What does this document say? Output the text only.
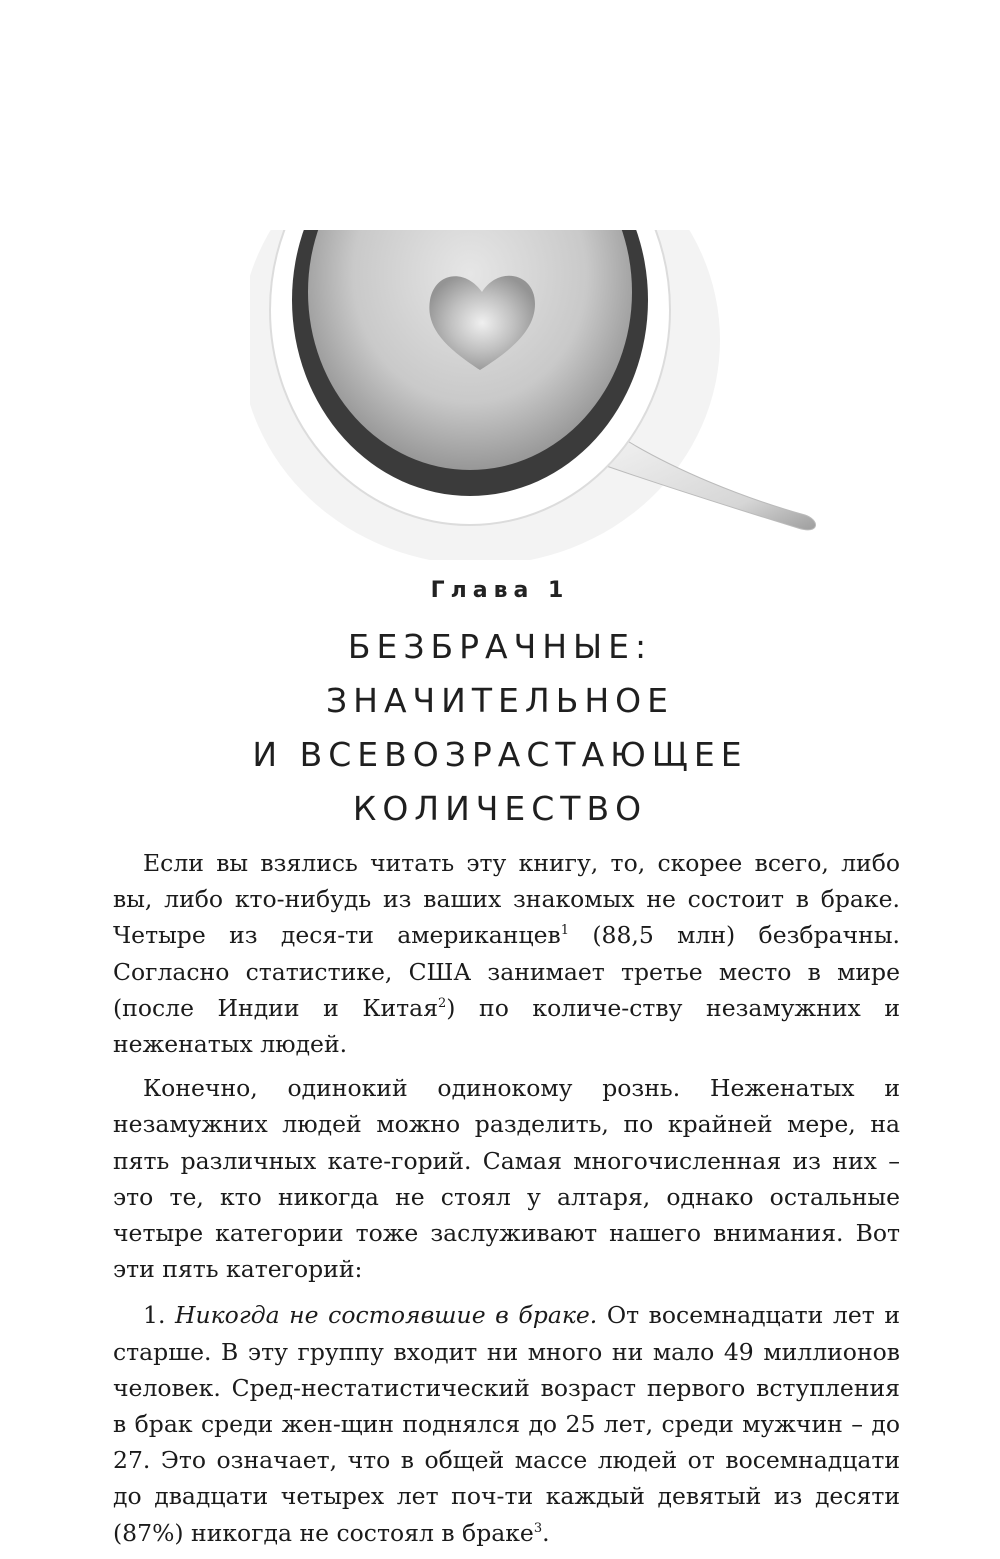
Глава 1
БЕЗБРАЧНЫЕ:
ЗНАЧИТЕЛЬНОЕ
И ВСЕВОЗРАСТАЮЩЕЕ
КОЛИЧЕСТВО

Если вы взялись читать эту книгу, то, скорее всего, либо вы, либо кто-нибудь из ваших знакомых не состоит в браке. Четыре из деся-ти американцев$^1$ (88,5 млн) безбрачны. Согласно статистике, США занимает третье место в мире (после Индии и Китая$^2$) по количе-ству незамужних и неженатых людей.

Конечно, одинокий одинокому рознь. Неженатых и незамужних людей можно разделить, по крайней мере, на пять различных кате-горий. Самая многочисленная из них – это те, кто никогда не стоял у алтаря, однако остальные четыре категории тоже заслуживают нашего внимания. Вот эти пять категорий:

1. Никогда не состоявшие в браке. От восемнадцати лет и старше. В эту группу входит ни много ни мало 49 миллионов человек. Сред-нестатистический возраст первого вступления в брак среди жен-щин поднялся до 25 лет, среди мужчин – до 27. Это означает, что в общей массе людей от восемнадцати до двадцати четырех лет поч-ти каждый девятый из десяти (87%) никогда не состоял в браке$^3$.
